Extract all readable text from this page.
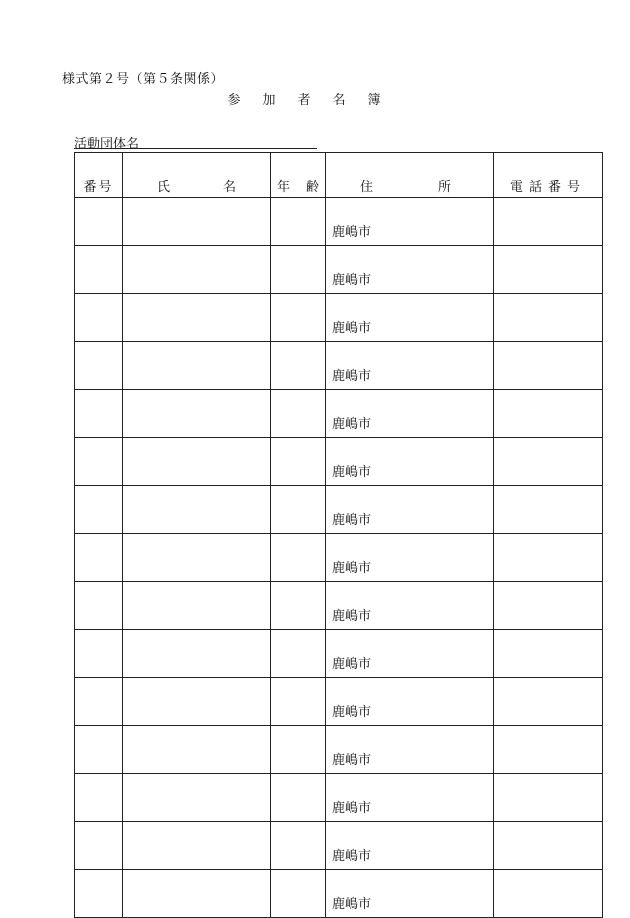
様式第２号（第５条関係）
参加者名簿
活動団体名
番号	氏 名	年 齢	住 所	電話番号
			鹿嶋市	
			鹿嶋市	
			鹿嶋市	
			鹿嶋市	
			鹿嶋市	
			鹿嶋市	
			鹿嶋市	
			鹿嶋市	
			鹿嶋市	
			鹿嶋市	
			鹿嶋市	
			鹿嶋市	
			鹿嶋市	
			鹿嶋市	
			鹿嶋市	
